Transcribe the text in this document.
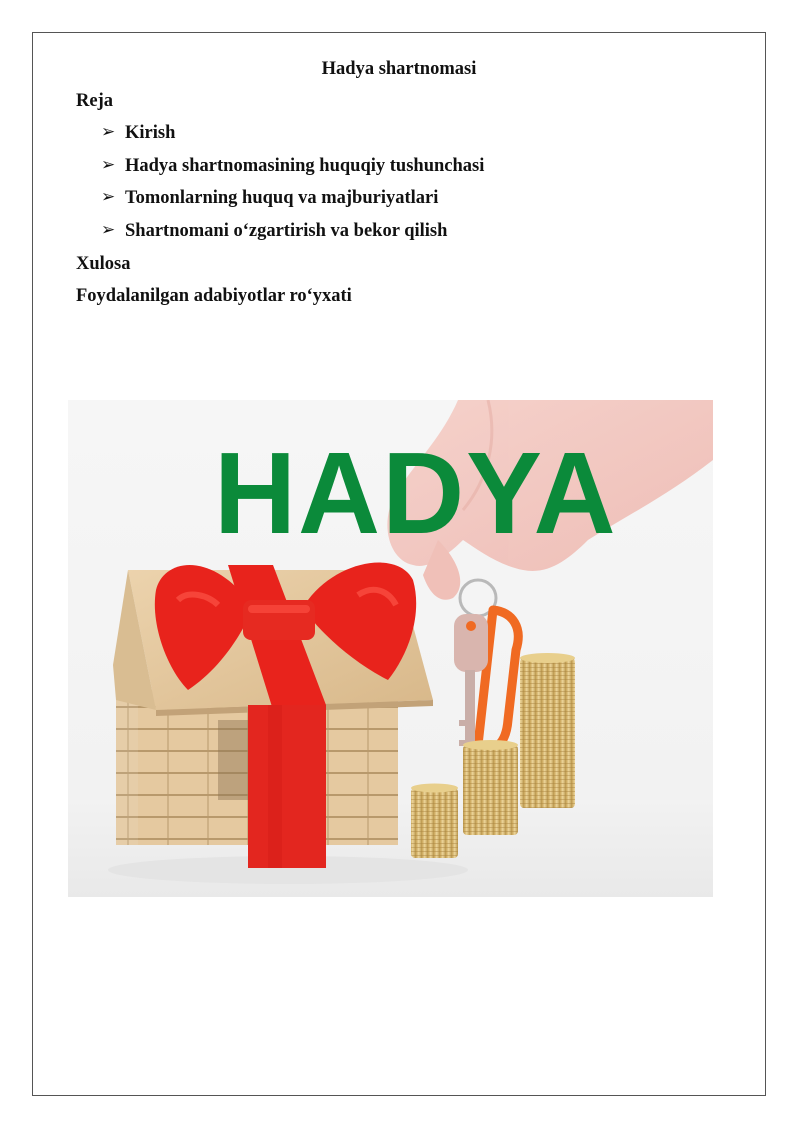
Hadya shartnomasi
Reja
➢ Kirish
➢ Hadya shartnomasining huquqiy tushunchasi
➢ Tomonlarning huquq va majburiyatlari
➢ Shartnomani o‘zgartirish va bekor qilish
Xulosa
Foydalanilgan adabiyotlar ro‘yxati
HADYA
